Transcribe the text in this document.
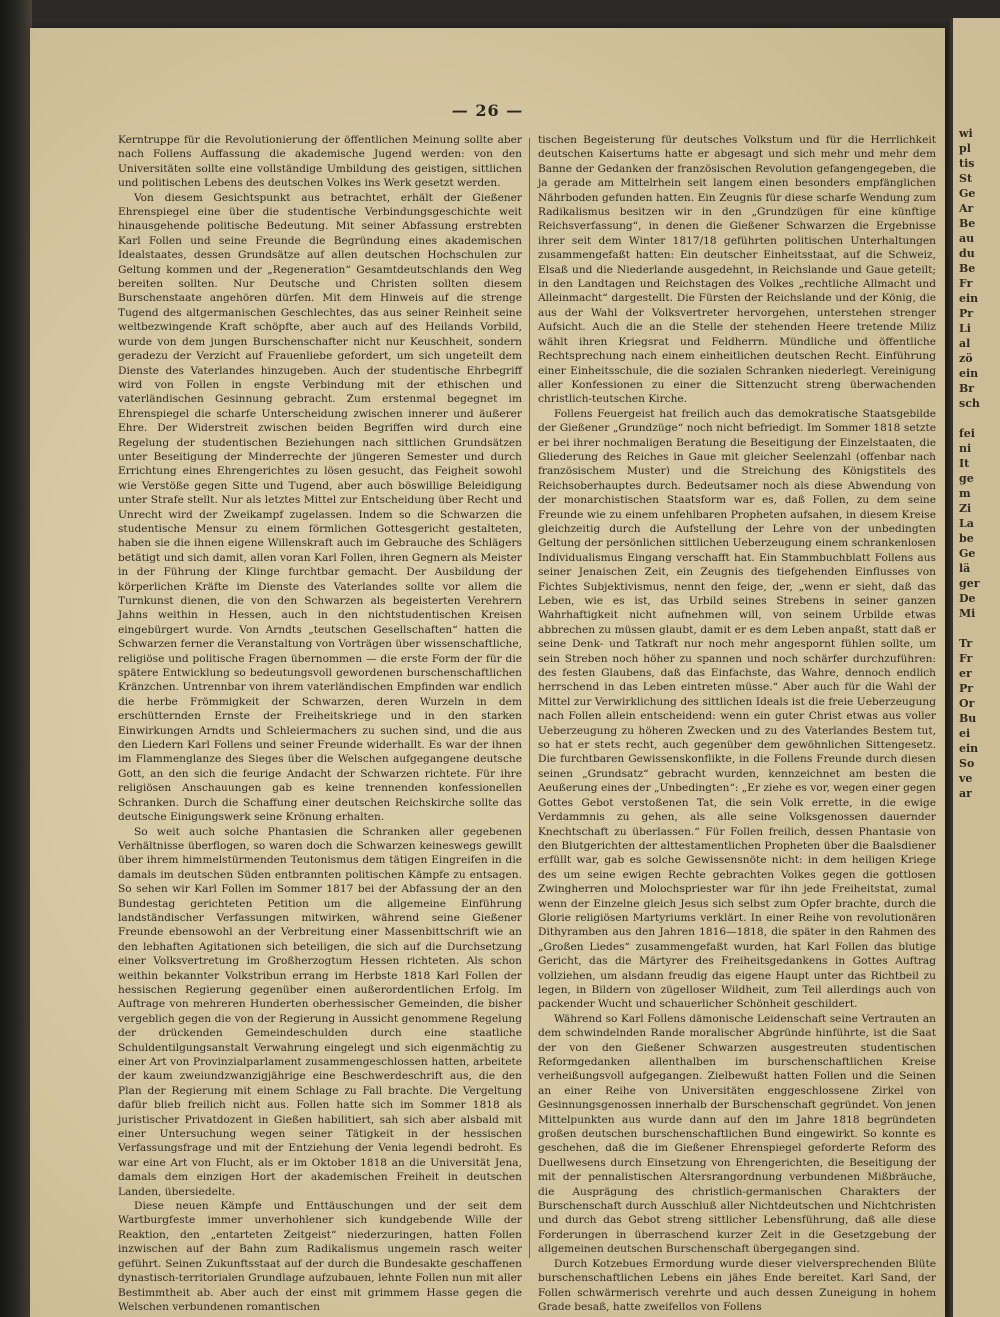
— 26 —

Kerntruppe für die Revolutionierung der öffentlichen Meinung sollte aber nach Follens Auffassung die akademische Jugend werden: von den Universitäten sollte eine vollständige Umbildung des geistigen, sittlichen und politischen Lebens des deutschen Volkes ins Werk gesetzt werden.

Von diesem Gesichtspunkt aus betrachtet, erhält der Gießener Ehrenspiegel eine über die studentische Verbindungsgeschichte weit hinausgehende politische Bedeutung. Mit seiner Abfassung erstrebten Karl Follen und seine Freunde die Begründung eines akademischen Idealstaates, dessen Grundsätze auf allen deutschen Hochschulen zur Geltung kommen und der „Regeneration“ Gesamtdeutschlands den Weg bereiten sollten. Nur Deutsche und Christen sollten diesem Burschenstaate angehören dürfen. Mit dem Hinweis auf die strenge Tugend des altgermanischen Geschlechtes, das aus seiner Reinheit seine weltbezwingende Kraft schöpfte, aber auch auf des Heilands Vorbild, wurde von dem jungen Burschenschafter nicht nur Keuschheit, sondern geradezu der Verzicht auf Frauenliebe gefordert, um sich ungeteilt dem Dienste des Vaterlandes hinzugeben. Auch der studentische Ehrbegriff wird von Follen in engste Verbindung mit der ethischen und vaterländischen Gesinnung gebracht. Zum erstenmal begegnet im Ehrenspiegel die scharfe Unterscheidung zwischen innerer und äußerer Ehre. Der Widerstreit zwischen beiden Begriffen wird durch eine Regelung der studentischen Beziehungen nach sittlichen Grundsätzen unter Beseitigung der Minderrechte der jüngeren Semester und durch Errichtung eines Ehrengerichtes zu lösen gesucht, das Feigheit sowohl wie Verstöße gegen Sitte und Tugend, aber auch böswillige Beleidigung unter Strafe stellt. Nur als letztes Mittel zur Entscheidung über Recht und Unrecht wird der Zweikampf zugelassen. Indem so die Schwarzen die studentische Mensur zu einem förmlichen Gottesgericht gestalteten, haben sie die ihnen eigene Willenskraft auch im Gebrauche des Schlägers betätigt und sich damit, allen voran Karl Follen, ihren Gegnern als Meister in der Führung der Klinge furchtbar gemacht. Der Ausbildung der körperlichen Kräfte im Dienste des Vaterlandes sollte vor allem die Turnkunst dienen, die von den Schwarzen als begeisterten Verehrern Jahns weithin in Hessen, auch in den nichtstudentischen Kreisen eingebürgert wurde. Von Arndts „teutschen Gesellschaften“ hatten die Schwarzen ferner die Veranstaltung von Vorträgen über wissenschaftliche, religiöse und politische Fragen übernommen — die erste Form der für die spätere Entwicklung so bedeutungsvoll gewordenen burschenschaftlichen Kränzchen. Untrennbar von ihrem vaterländischen Empfinden war endlich die herbe Frömmigkeit der Schwarzen, deren Wurzeln in dem erschütternden Ernste der Freiheitskriege und in den starken Einwirkungen Arndts und Schleiermachers zu suchen sind, und die aus den Liedern Karl Follens und seiner Freunde widerhallt. Es war der ihnen im Flammenglanze des Sieges über die Welschen aufgegangene deutsche Gott, an den sich die feurige Andacht der Schwarzen richtete. Für ihre religiösen Anschauungen gab es keine trennenden konfessionellen Schranken. Durch die Schaffung einer deutschen Reichskirche sollte das deutsche Einigungswerk seine Krönung erhalten.

So weit auch solche Phantasien die Schranken aller gegebenen Verhältnisse überflogen, so waren doch die Schwarzen keineswegs gewillt über ihrem himmelstürmenden Teutonismus dem tätigen Eingreifen in die damals im deutschen Süden entbrannten politischen Kämpfe zu entsagen. So sehen wir Karl Follen im Sommer 1817 bei der Abfassung der an den Bundestag gerichteten Petition um die allgemeine Einführung landständischer Verfassungen mitwirken, während seine Gießener Freunde ebensowohl an der Verbreitung einer Massenbittschrift wie an den lebhaften Agitationen sich beteiligen, die sich auf die Durchsetzung einer Volksvertretung im Großherzogtum Hessen richteten. Als schon weithin bekannter Volkstribun errang im Herbste 1818 Karl Follen der hessischen Regierung gegenüber einen außerordentlichen Erfolg. Im Auftrage von mehreren Hunderten oberhessischer Gemeinden, die bisher vergeblich gegen die von der Regierung in Aussicht genommene Regelung der drückenden Gemeindeschulden durch eine staatliche Schuldentilgungsanstalt Verwahrung eingelegt und sich eigenmächtig zu einer Art von Provinzialparlament zusammengeschlossen hatten, arbeitete der kaum zweiundzwanzigjährige eine Beschwerdeschrift aus, die den Plan der Regierung mit einem Schlage zu Fall brachte. Die Vergeltung dafür blieb freilich nicht aus. Follen hatte sich im Sommer 1818 als juristischer Privatdozent in Gießen habilitiert, sah sich aber alsbald mit einer Untersuchung wegen seiner Tätigkeit in der hessischen Verfassungsfrage und mit der Entziehung der Venia legendi bedroht. Es war eine Art von Flucht, als er im Oktober 1818 an die Universität Jena, damals dem einzigen Hort der akademischen Freiheit in deutschen Landen, übersiedelte.

Diese neuen Kämpfe und Enttäuschungen und der seit dem Wartburgfeste immer unverhohlener sich kundgebende Wille der Reaktion, den „entarteten Zeitgeist“ niederzuringen, hatten Follen inzwischen auf der Bahn zum Radikalismus ungemein rasch weiter geführt. Seinen Zukunftsstaat auf der durch die Bundesakte geschaffenen dynastisch-territorialen Grundlage aufzubauen, lehnte Follen nun mit aller Bestimmtheit ab. Aber auch der einst mit grimmem Hasse gegen die Welschen verbundenen romantischen

tischen Begeisterung für deutsches Volkstum und für die Herrlichkeit deutschen Kaisertums hatte er abgesagt und sich mehr und mehr dem Banne der Gedanken der französischen Revolution gefangengegeben, die ja gerade am Mittelrhein seit langem einen besonders empfänglichen Nährboden gefunden hatten. Ein Zeugnis für diese scharfe Wendung zum Radikalismus besitzen wir in den „Grundzügen für eine künftige Reichsverfassung“, in denen die Gießener Schwarzen die Ergebnisse ihrer seit dem Winter 1817/18 geführten politischen Unterhaltungen zusammengefaßt hatten: Ein deutscher Einheitsstaat, auf die Schweiz, Elsaß und die Niederlande ausgedehnt, in Reichslande und Gaue geteilt; in den Landtagen und Reichstagen des Volkes „rechtliche Allmacht und Alleinmacht“ dargestellt. Die Fürsten der Reichslande und der König, die aus der Wahl der Volksvertreter hervorgehen, unterstehen strenger Aufsicht. Auch die an die Stelle der stehenden Heere tretende Miliz wählt ihren Kriegsrat und Feldherrn. Mündliche und öffentliche Rechtsprechung nach einem einheitlichen deutschen Recht. Einführung einer Einheitsschule, die die sozialen Schranken niederlegt. Vereinigung aller Konfessionen zu einer die Sittenzucht streng überwachenden christlich-teutschen Kirche.

Follens Feuergeist hat freilich auch das demokratische Staatsgebilde der Gießener „Grundzüge“ noch nicht befriedigt. Im Sommer 1818 setzte er bei ihrer nochmaligen Beratung die Beseitigung der Einzelstaaten, die Gliederung des Reiches in Gaue mit gleicher Seelenzahl (offenbar nach französischem Muster) und die Streichung des Königstitels des Reichsoberhauptes durch. Bedeutsamer noch als diese Abwendung von der monarchistischen Staatsform war es, daß Follen, zu dem seine Freunde wie zu einem unfehlbaren Propheten aufsahen, in diesem Kreise gleichzeitig durch die Aufstellung der Lehre von der unbedingten Geltung der persönlichen sittlichen Ueberzeugung einem schrankenlosen Individualismus Eingang verschafft hat. Ein Stammbuchblatt Follens aus seiner Jenaischen Zeit, ein Zeugnis des tiefgehenden Einflusses von Fichtes Subjektivismus, nennt den feige, der, „wenn er sieht, daß das Leben, wie es ist, das Urbild seines Strebens in seiner ganzen Wahrhaftigkeit nicht aufnehmen will, von seinem Urbilde etwas abbrechen zu müssen glaubt, damit er es dem Leben anpaßt, statt daß er seine Denk- und Tatkraft nur noch mehr angespornt fühlen sollte, um sein Streben noch höher zu spannen und noch schärfer durchzuführen: des festen Glaubens, daß das Einfachste, das Wahre, dennoch endlich herrschend in das Leben eintreten müsse.“ Aber auch für die Wahl der Mittel zur Verwirklichung des sittlichen Ideals ist die freie Ueberzeugung nach Follen allein entscheidend: wenn ein guter Christ etwas aus voller Ueberzeugung zu höheren Zwecken und zu des Vaterlandes Bestem tut, so hat er stets recht, auch gegenüber dem gewöhnlichen Sittengesetz. Die furchtbaren Gewissenskonflikte, in die Follens Freunde durch diesen seinen „Grundsatz“ gebracht wurden, kennzeichnet am besten die Aeußerung eines der „Unbedingten“: „Er ziehe es vor, wegen einer gegen Gottes Gebot verstoßenen Tat, die sein Volk errette, in die ewige Verdammnis zu gehen, als alle seine Volksgenossen dauernder Knechtschaft zu überlassen.“ Für Follen freilich, dessen Phantasie von den Blutgerichten der alttestamentlichen Propheten über die Baalsdiener erfüllt war, gab es solche Gewissensnöte nicht: in dem heiligen Kriege des um seine ewigen Rechte gebrachten Volkes gegen die gottlosen Zwingherren und Molochspriester war für ihn jede Freiheitstat, zumal wenn der Einzelne gleich Jesus sich selbst zum Opfer brachte, durch die Glorie religiösen Martyriums verklärt. In einer Reihe von revolutionären Dithyramben aus den Jahren 1816—1818, die später in den Rahmen des „Großen Liedes“ zusammengefaßt wurden, hat Karl Follen das blutige Gericht, das die Märtyrer des Freiheitsgedankens in Gottes Auftrag vollziehen, um alsdann freudig das eigene Haupt unter das Richtbeil zu legen, in Bildern von zügelloser Wildheit, zum Teil allerdings auch von packender Wucht und schauerlicher Schönheit geschildert.

Während so Karl Follens dämonische Leidenschaft seine Vertrauten an dem schwindelnden Rande moralischer Abgründe hinführte, ist die Saat der von den Gießener Schwarzen ausgestreuten studentischen Reformgedanken allenthalben im burschenschaftlichen Kreise verheißungsvoll aufgegangen. Zielbewußt hatten Follen und die Seinen an einer Reihe von Universitäten enggeschlossene Zirkel von Gesinnungsgenossen innerhalb der Burschenschaft gegründet. Von jenen Mittelpunkten aus wurde dann auf den im Jahre 1818 begründeten großen deutschen burschenschaftlichen Bund eingewirkt. So konnte es geschehen, daß die im Gießener Ehrenspiegel geforderte Reform des Duellwesens durch Einsetzung von Ehrengerichten, die Beseitigung der mit der pennalistischen Altersrangordnung verbundenen Mißbräuche, die Ausprägung des christlich-germanischen Charakters der Burschenschaft durch Ausschluß aller Nichtdeutschen und Nichtchristen und durch das Gebot streng sittlicher Lebensführung, daß alle diese Forderungen in überraschend kurzer Zeit in die Gesetzgebung der allgemeinen deutschen Burschenschaft übergegangen sind.

Durch Kotzebues Ermordung wurde dieser vielversprechenden Blüte burschenschaftlichen Lebens ein jähes Ende bereitet. Karl Sand, der Follen schwärmerisch verehrte und auch dessen Zuneigung in hohem Grade besaß, hatte zweifellos von Follens

wi
pl
tis
St
Ge
Ar
Be
au
du
Be
Fr
ein
Pr
Li
al
zö
ein
Br
sch

fei
ni
It
ge
m
Zi
La
be
Ge
lä
ger
De
Mi

Tr
Fr
er
Pr
Or
Bu
ei
ein
So
ve
ar
